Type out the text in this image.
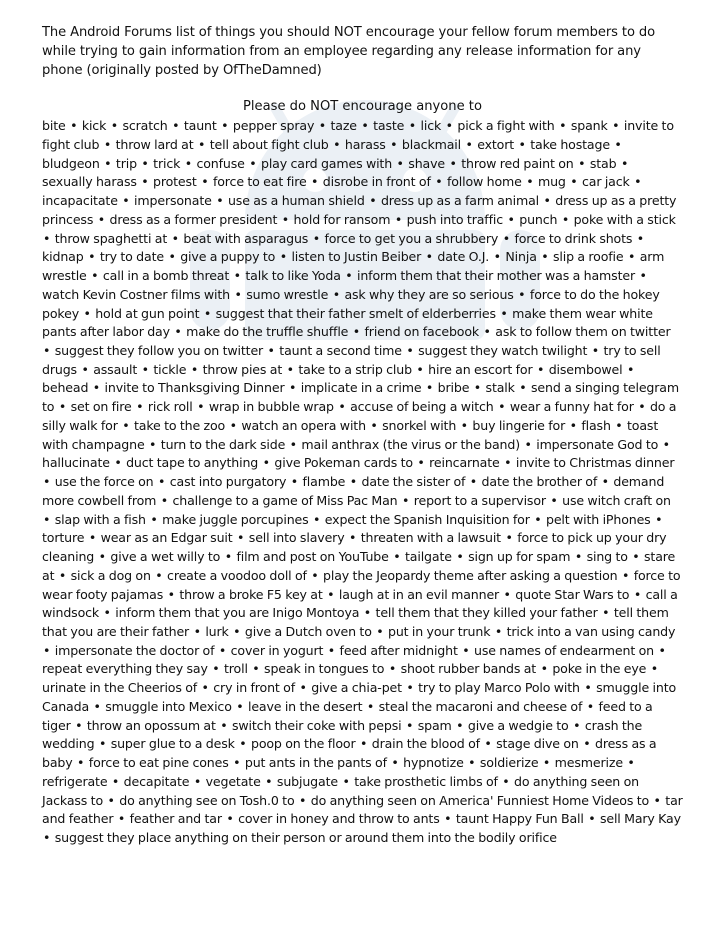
The Android Forums list of things you should NOT encourage your fellow forum members to do while trying to gain information from an employee regarding any release information for any phone (originally posted by OfTheDamned)

Please do NOT encourage anyone to

bite • kick • scratch • taunt • pepper spray • taze • taste • lick • pick a fight with • spank • invite to fight club • throw lard at • tell about fight club • harass • blackmail • extort • take hostage • bludgeon • trip • trick • confuse • play card games with • shave • throw red paint on • stab • sexually harass • protest • force to eat fire • disrobe in front of • follow home • mug • car jack • incapacitate • impersonate • use as a human shield • dress up as a farm animal • dress up as a pretty princess • dress as a former president • hold for ransom • push into traffic • punch • poke with a stick • throw spaghetti at • beat with asparagus • force to get you a shrubbery • force to drink shots • kidnap • try to date • give a puppy to • listen to Justin Beiber • date O.J. • Ninja • slip a roofie • arm wrestle • call in a bomb threat • talk to like Yoda • inform them that their mother was a hamster • watch Kevin Costner films with • sumo wrestle • ask why they are so serious • force to do the hokey pokey • hold at gun point • suggest that their father smelt of elderberries • make them wear white pants after labor day • make do the truffle shuffle • friend on facebook • ask to follow them on twitter • suggest they follow you on twitter • taunt a second time • suggest they watch twilight • try to sell drugs • assault • tickle • throw pies at • take to a strip club • hire an escort for • disembowel • behead • invite to Thanksgiving Dinner • implicate in a crime • bribe • stalk • send a singing telegram to • set on fire • rick roll • wrap in bubble wrap • accuse of being a witch • wear a funny hat for • do a silly walk for • take to the zoo • watch an opera with • snorkel with • buy lingerie for • flash • toast with champagne • turn to the dark side • mail anthrax (the virus or the band) • impersonate God to • hallucinate • duct tape to anything • give Pokeman cards to • reincarnate • invite to Christmas dinner • use the force on • cast into purgatory • flambe • date the sister of • date the brother of • demand more cowbell from • challenge to a game of Miss Pac Man • report to a supervisor • use witch craft on • slap with a fish • make juggle porcupines • expect the Spanish Inquisition for • pelt with iPhones • torture • wear as an Edgar suit • sell into slavery • threaten with a lawsuit • force to pick up your dry cleaning • give a wet willy to • film and post on YouTube • tailgate • sign up for spam • sing to • stare at • sick a dog on • create a voodoo doll of • play the Jeopardy theme after asking a question • force to wear footy pajamas • throw a broke F5 key at • laugh at in an evil manner • quote Star Wars to • call a windsock • inform them that you are Inigo Montoya • tell them that they killed your father • tell them that you are their father • lurk • give a Dutch oven to • put in your trunk • trick into a van using candy • impersonate the doctor of • cover in yogurt • feed after midnight • use names of endearment on • repeat everything they say • troll • speak in tongues to • shoot rubber bands at • poke in the eye • urinate in the Cheerios of • cry in front of • give a chia-pet • try to play Marco Polo with • smuggle into Canada • smuggle into Mexico • leave in the desert • steal the macaroni and cheese of • feed to a tiger • throw an opossum at • switch their coke with pepsi • spam • give a wedgie to • crash the wedding • super glue to a desk • poop on the floor • drain the blood of • stage dive on • dress as a baby • force to eat pine cones • put ants in the pants of • hypnotize • soldierize • mesmerize • refrigerate • decapitate • vegetate • subjugate • take prosthetic limbs of • do anything seen on Jackass to • do anything see on Tosh.0 to • do anything seen on America' Funniest Home Videos to • tar and feather • feather and tar • cover in honey and throw to ants • taunt Happy Fun Ball • sell Mary Kay • suggest they place anything on their person or around them into the bodily orifice
